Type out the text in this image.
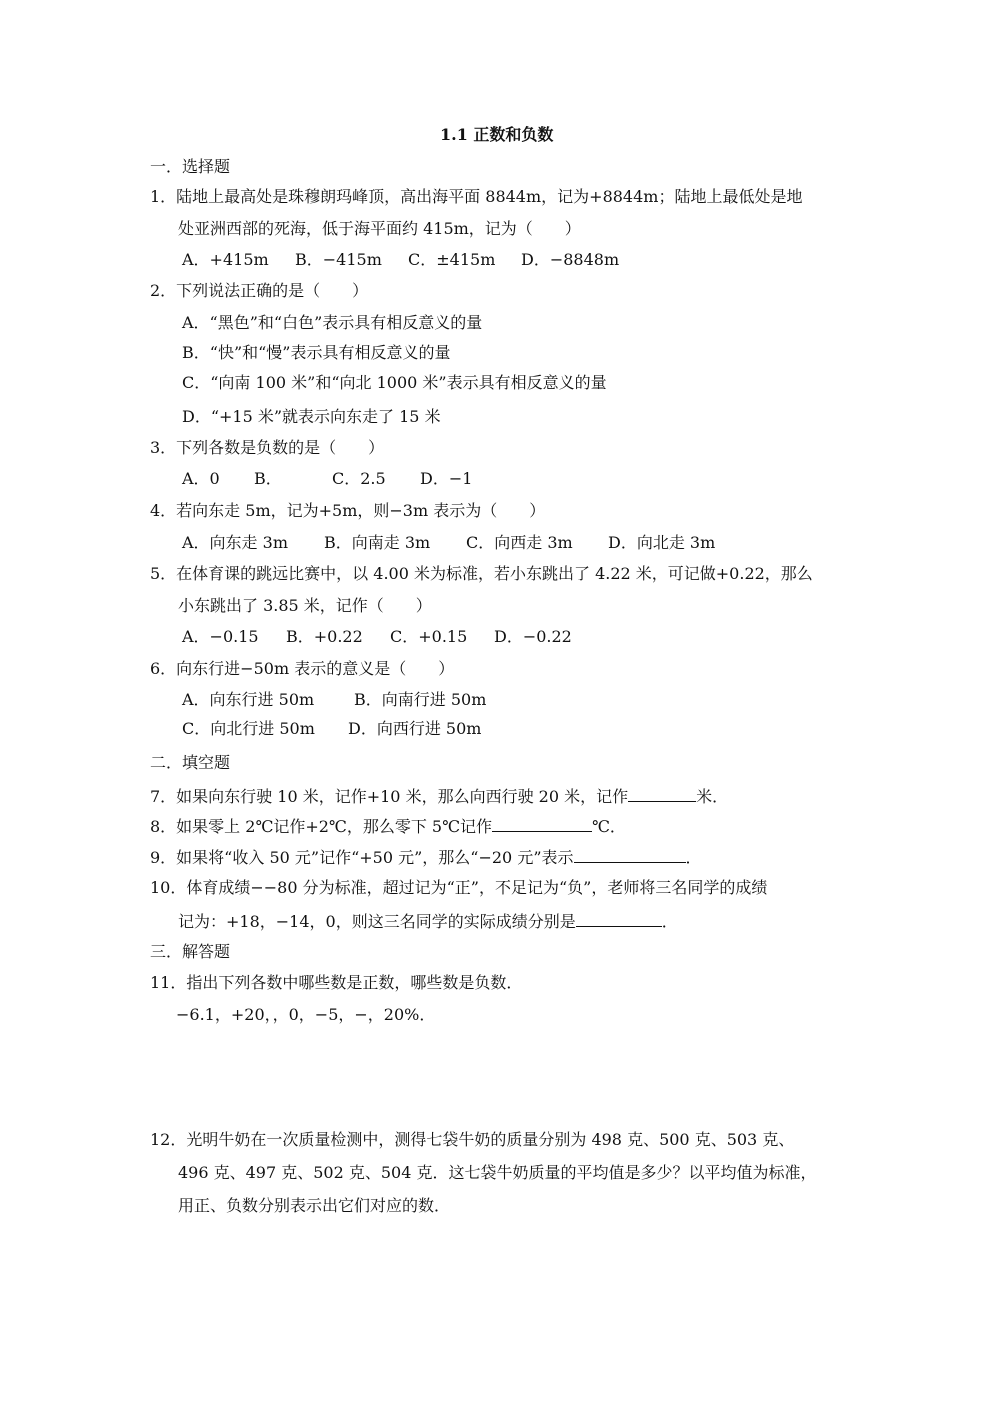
1.1 正数和负数
一．选择题
1．陆地上最高处是珠穆朗玛峰顶，高出海平面 8844m，记为+8844m；陆地上最低处是地
处亚洲西部的死海，低于海平面约 415m，记为（　　）
A．+415m B．−415m C．±415m D．−8848m
2．下列说法正确的是（　　）
A．“黑色”和“白色”表示具有相反意义的量
B．“快”和“慢”表示具有相反意义的量
C．“向南 100 米”和“向北 1000 米”表示具有相反意义的量
D．“+15 米”就表示向东走了 15 米
3．下列各数是负数的是（　　）
A．0 B．	C．2.5 D．−1
4．若向东走 5m，记为+5m，则−3m 表示为（　　）
A．向东走 3m B．向南走 3m C．向西走 3m D．向北走 3m
5．在体育课的跳远比赛中，以 4.00 米为标准，若小东跳出了 4.22 米，可记做+0.22，那么
小东跳出了 3.85 米，记作（　　）
A．−0.15 B．+0.22 C．+0.15 D．−0.22
6．向东行进−50m 表示的意义是（　　）
A．向东行进 50m B．向南行进 50m
C．向北行进 50m D．向西行进 50m
二．填空题
7．如果向东行驶 10 米，记作+10 米，那么向西行驶 20 米，记作	米．
8．如果零上 2℃记作+2℃，那么零下 5℃记作	℃．
9．如果将“收入 50 元”记作“+50 元”，那么“−20 元”表示	．
10．体育成绩−−80 分为标准，超过记为“正”，不足记为“负”，老师将三名同学的成绩
记为：+18，−14，0，则这三名同学的实际成绩分别是	．
三．解答题
11．指出下列各数中哪些数是正数，哪些数是负数．
−6.1，+20，，0，−5，−，20%．
12．光明牛奶在一次质量检测中，测得七袋牛奶的质量分别为 498 克、500 克、503 克、
496 克、497 克、502 克、504 克．这七袋牛奶质量的平均值是多少？以平均值为标准，
用正、负数分别表示出它们对应的数．
